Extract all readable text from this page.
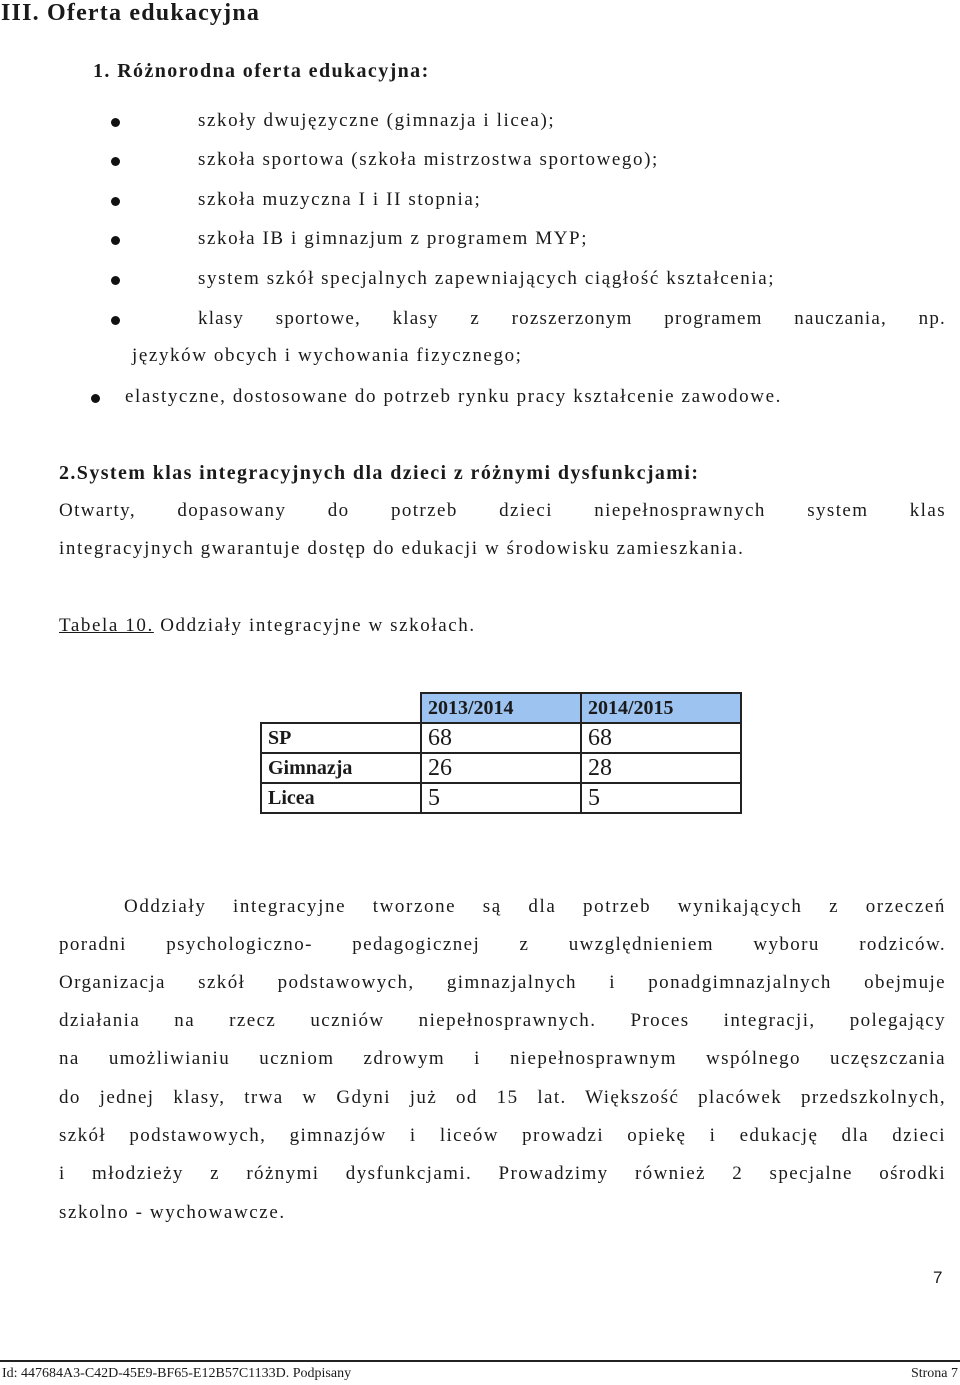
III. Oferta edukacyjna
1. Różnorodna oferta edukacyjna:
szkoły dwujęzyczne (gimnazja i licea);
szkoła sportowa (szkoła mistrzostwa sportowego);
szkoła muzyczna I i II stopnia;
szkoła IB i gimnazjum z programem MYP;
system szkół specjalnych zapewniających ciągłość kształcenia;
klasy sportowe, klasy z rozszerzonym programem nauczania, np.
języków obcych i wychowania fizycznego;
elastyczne, dostosowane do potrzeb rynku pracy kształcenie zawodowe.
2.System klas integracyjnych dla dzieci z różnymi dysfunkcjami:
Otwarty, dopasowany do potrzeb dzieci niepełnosprawnych system klas
integracyjnych gwarantuje dostęp do edukacji w środowisku zamieszkania.
Tabela 10. Oddziały integracyjne w szkołach.
	2013/2014	2014/2015
SP	68	68
Gimnazja	26	28
Licea	5	5
Oddziały integracyjne tworzone są dla potrzeb wynikających z orzeczeń
poradni psychologiczno- pedagogicznej z uwzględnieniem wyboru rodziców.
Organizacja szkół podstawowych, gimnazjalnych i ponadgimnazjalnych obejmuje
działania na rzecz uczniów niepełnosprawnych. Proces integracji, polegający
na umożliwianiu uczniom zdrowym i niepełnosprawnym wspólnego uczęszczania
do jednej klasy, trwa w Gdyni już od 15 lat. Większość placówek przedszkolnych,
szkół podstawowych, gimnazjów i liceów prowadzi opiekę i edukację dla dzieci
i młodzieży z różnymi dysfunkcjami. Prowadzimy również 2 specjalne ośrodki
szkolno - wychowawcze.
7
Id: 447684A3-C42D-45E9-BF65-E12B57C1133D. Podpisany	Strona 7
